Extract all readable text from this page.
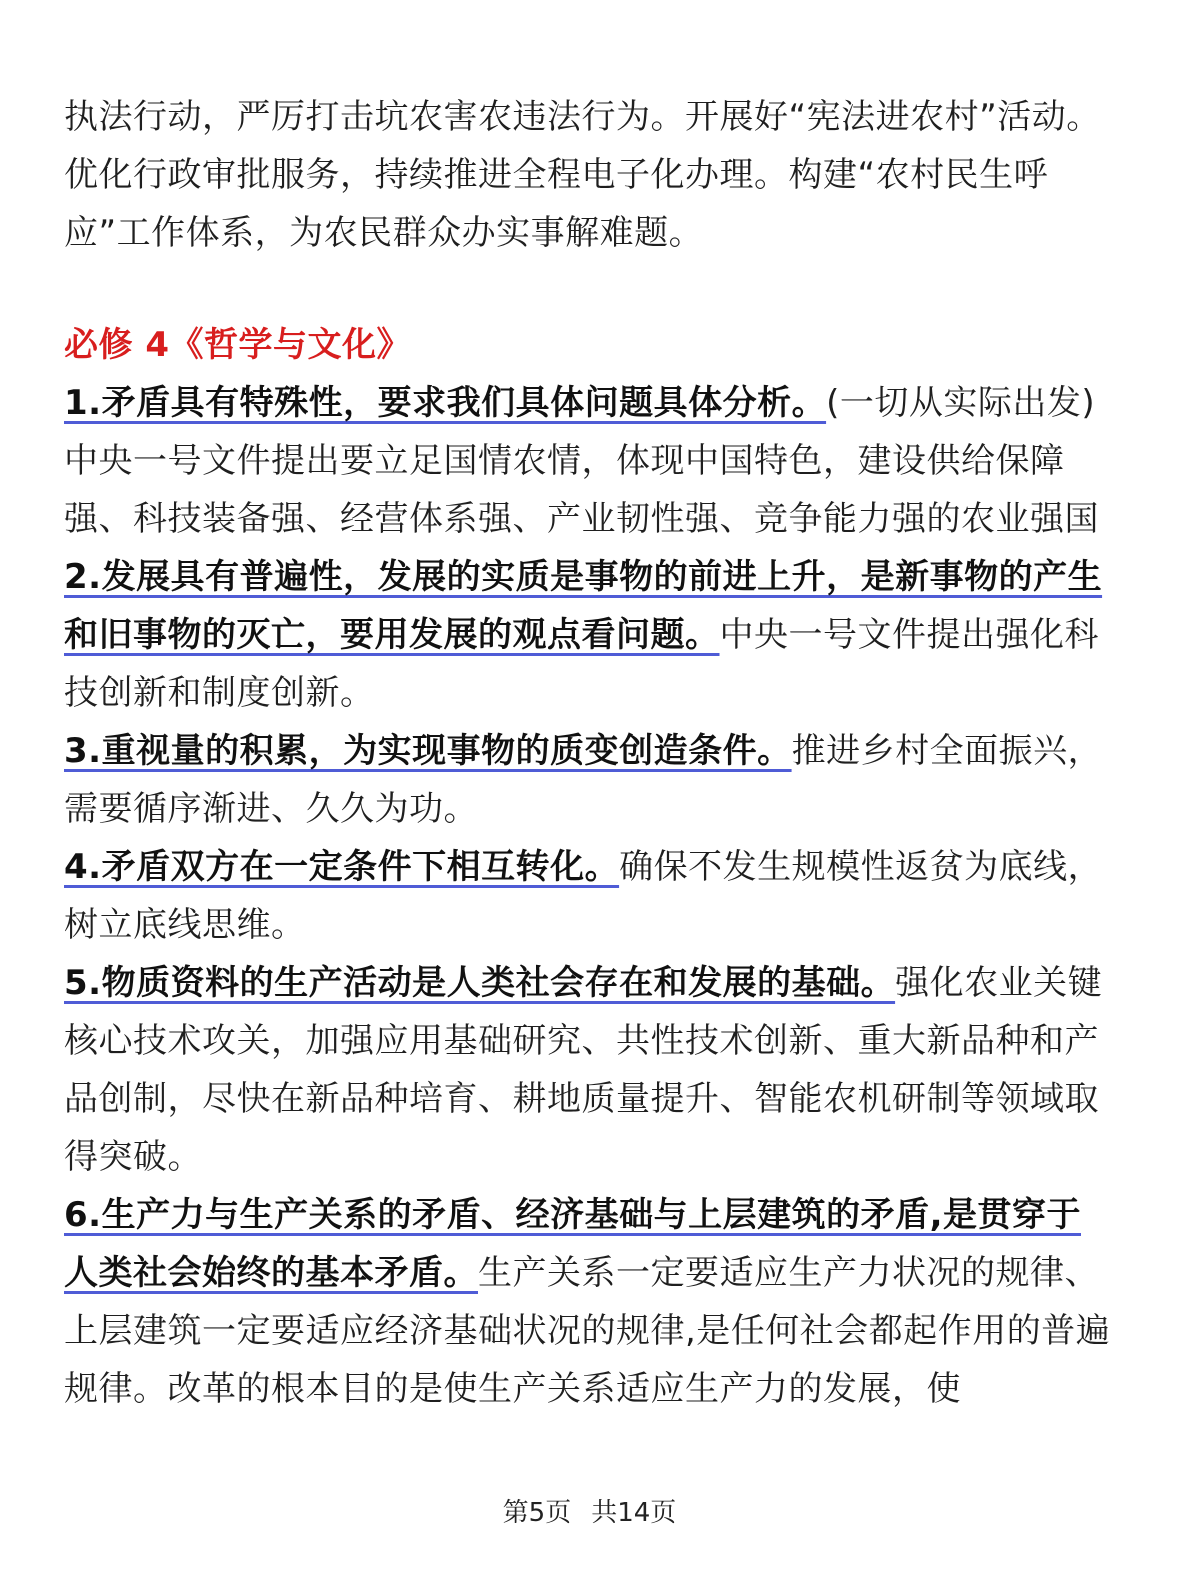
执法行动，严厉打击坑农害农违法行为。开展好“宪法进农村”活动。优化行政审批服务，持续推进全程电子化办理。构建“农村民生呼应”工作体系，为农民群众办实事解难题。

必修 4《哲学与文化》

1.矛盾具有特殊性，要求我们具体问题具体分析。(一切从实际出发)中央一号文件提出要立足国情农情，体现中国特色，建设供给保障强、科技装备强、经营体系强、产业韧性强、竞争能力强的农业强国

2.发展具有普遍性，发展的实质是事物的前进上升，是新事物的产生和旧事物的灭亡，要用发展的观点看问题。中央一号文件提出强化科技创新和制度创新。

3.重视量的积累，为实现事物的质变创造条件。推进乡村全面振兴，需要循序渐进、久久为功。

4.矛盾双方在一定条件下相互转化。确保不发生规模性返贫为底线，树立底线思维。

5.物质资料的生产活动是人类社会存在和发展的基础。强化农业关键核心技术攻关，加强应用基础研究、共性技术创新、重大新品种和产品创制，尽快在新品种培育、耕地质量提升、智能农机研制等领域取得突破。

6.生产力与生产关系的矛盾、经济基础与上层建筑的矛盾,是贯穿于人类社会始终的基本矛盾。生产关系一定要适应生产力状况的规律、上层建筑一定要适应经济基础状况的规律,是任何社会都起作用的普遍规律。改革的根本目的是使生产关系适应生产力的发展，使

第5页 共14页
